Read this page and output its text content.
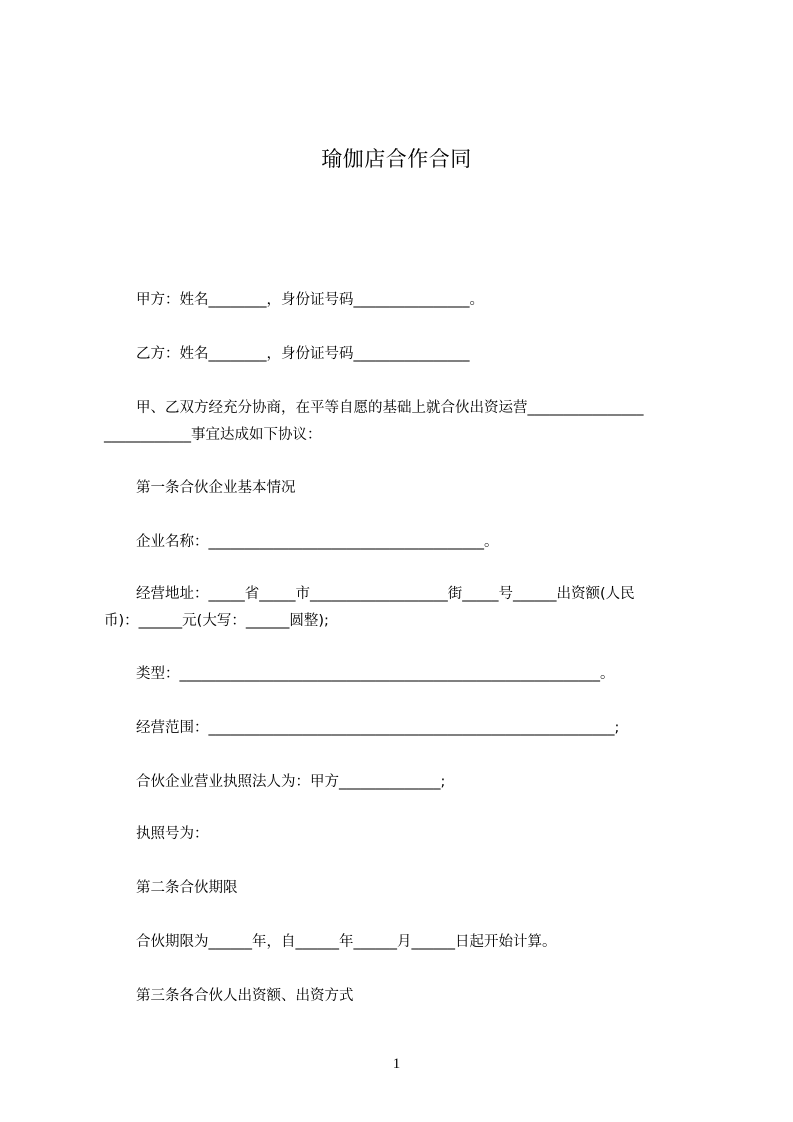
瑜伽店合作合同
甲方：姓名________，身份证号码________________。
乙方：姓名________，身份证号码________________
甲、乙双方经充分协商，在平等自愿的基础上就合伙出资运营________________
____________事宜达成如下协议：
第一条合伙企业基本情况
企业名称：______________________________________。
经营地址：_____省_____市___________________街_____号______出资额(人民
币)：______元(大写：______圆整);
类型：__________________________________________________________。
经营范围：________________________________________________________;
合伙企业营业执照法人为：甲方______________;
执照号为：
第二条合伙期限
合伙期限为______年，自______年______月______日起开始计算。
第三条各合伙人出资额、出资方式
1
